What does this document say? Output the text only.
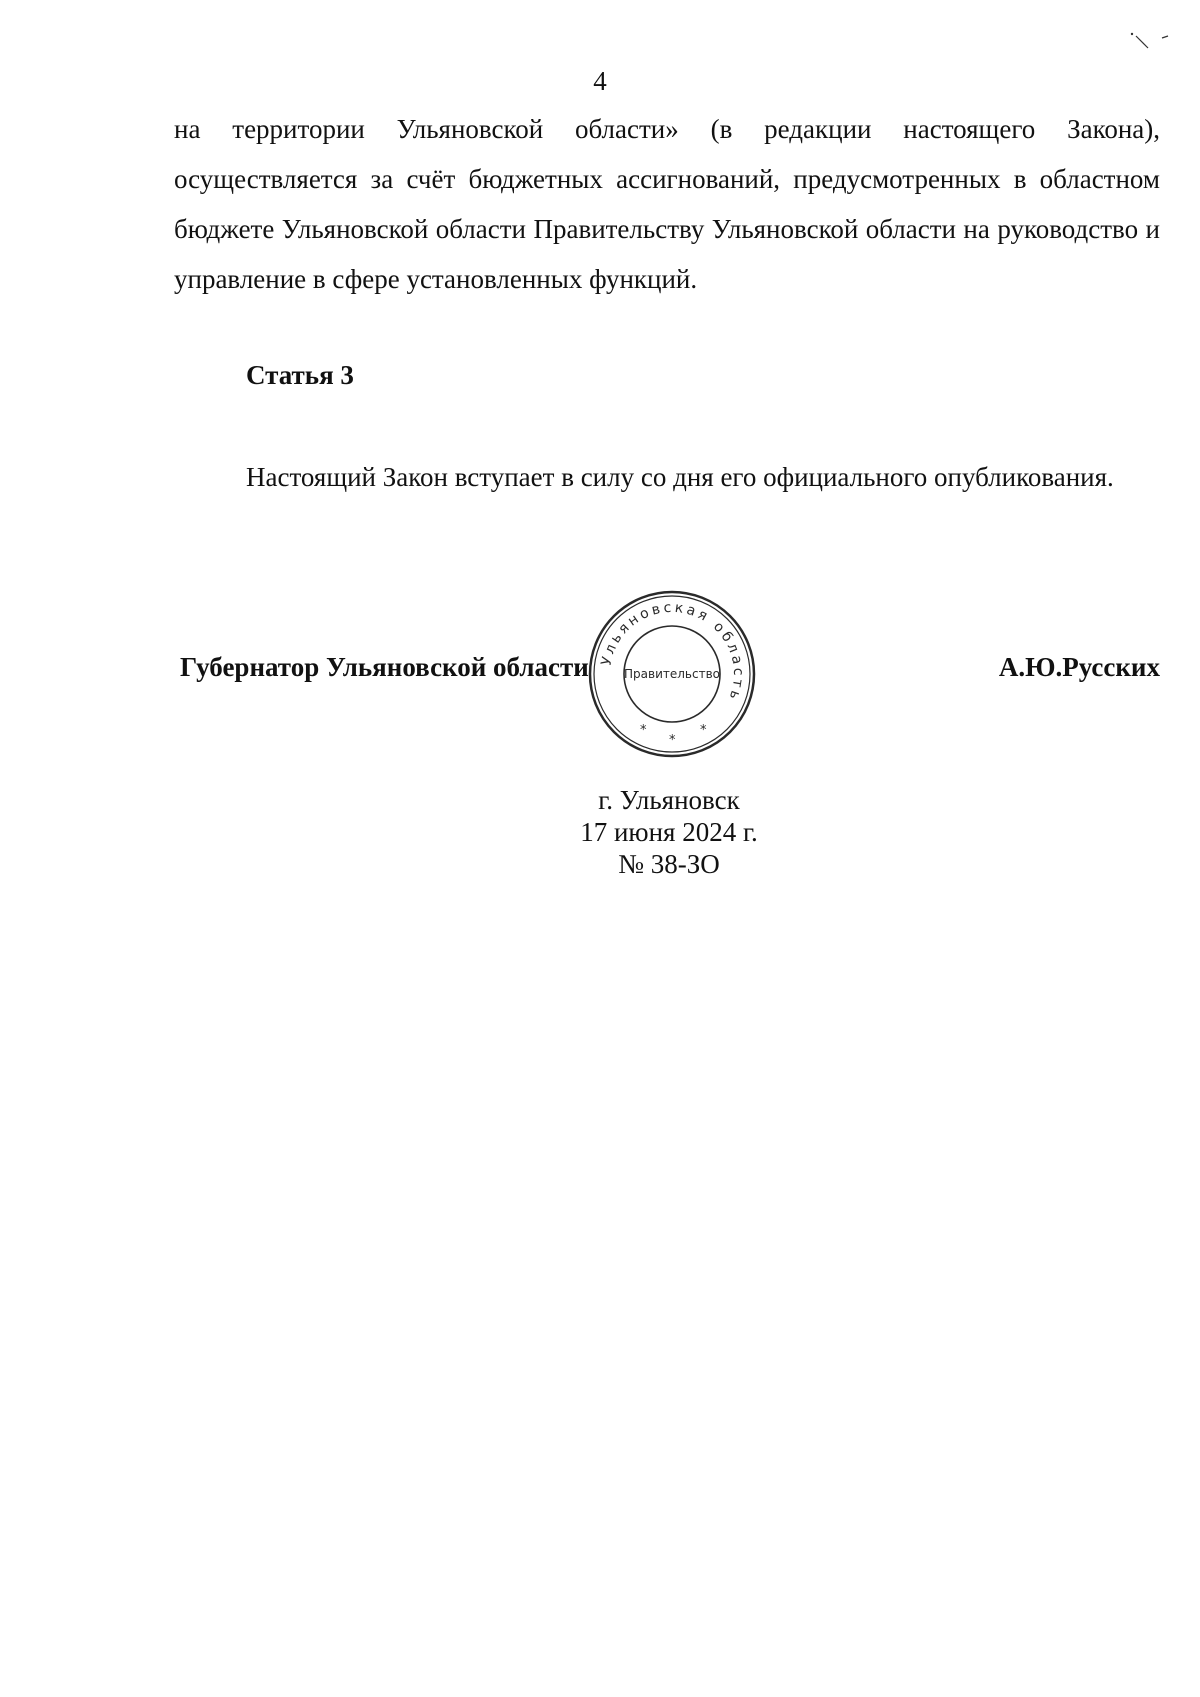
4

на территории Ульяновской области» (в редакции настоящего Закона), осуществляется за счёт бюджетных ассигнований, предусмотренных в областном бюджете Ульяновской области Правительству Ульяновской области на руководство и управление в сфере установленных функций.

Статья 3

Настоящий Закон вступает в силу со дня его официального опубликования.

Губернатор Ульяновской области	А.Ю.Русских
Ульяновская область
Правительство
*
*
*
г. Ульяновск
17 июня 2024 г.
№ 38-ЗО
